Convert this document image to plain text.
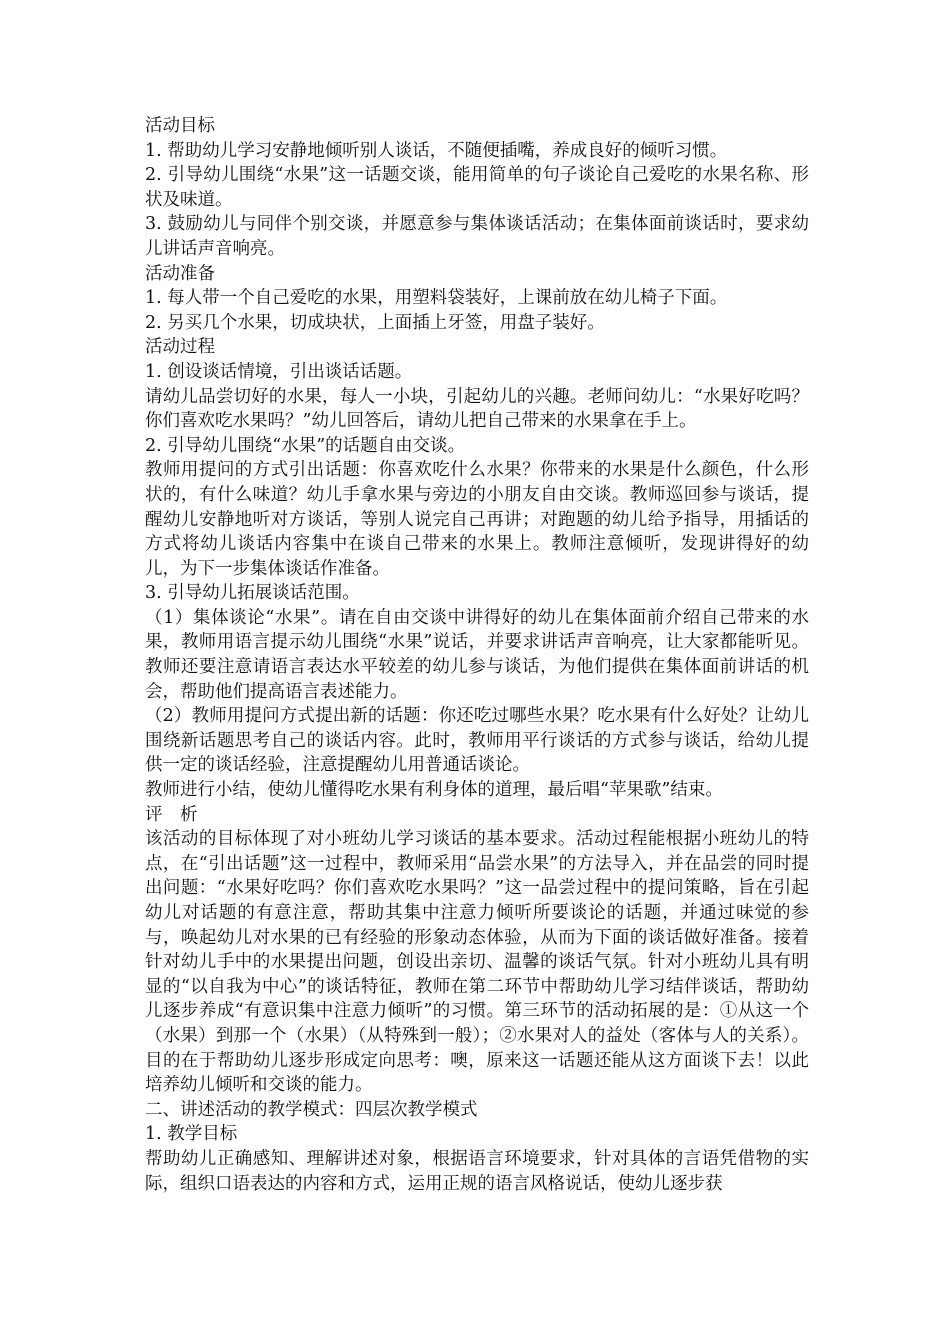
活动目标

1. 帮助幼儿学习安静地倾听别人谈话，不随便插嘴，养成良好的倾听习惯。

2. 引导幼儿围绕“水果”这一话题交谈，能用简单的句子谈论自己爱吃的水果名称、形状及味道。

3. 鼓励幼儿与同伴个别交谈，并愿意参与集体谈话活动；在集体面前谈话时，要求幼儿讲话声音响亮。

活动准备

1. 每人带一个自己爱吃的水果，用塑料袋装好，上课前放在幼儿椅子下面。

2. 另买几个水果，切成块状，上面插上牙签，用盘子装好。

活动过程

1. 创设谈话情境，引出谈话话题。

请幼儿品尝切好的水果，每人一小块，引起幼儿的兴趣。老师问幼儿：“水果好吃吗？你们喜欢吃水果吗？”幼儿回答后，请幼儿把自己带来的水果拿在手上。

2. 引导幼儿围绕“水果”的话题自由交谈。

教师用提问的方式引出话题：你喜欢吃什么水果？你带来的水果是什么颜色，什么形状的，有什么味道？幼儿手拿水果与旁边的小朋友自由交谈。教师巡回参与谈话，提醒幼儿安静地听对方谈话，等别人说完自己再讲；对跑题的幼儿给予指导，用插话的方式将幼儿谈话内容集中在谈自己带来的水果上。教师注意倾听，发现讲得好的幼儿，为下一步集体谈话作准备。

3. 引导幼儿拓展谈话范围。

（1）集体谈论“水果”。请在自由交谈中讲得好的幼儿在集体面前介绍自己带来的水果，教师用语言提示幼儿围绕“水果”说话，并要求讲话声音响亮，让大家都能听见。教师还要注意请语言表达水平较差的幼儿参与谈话，为他们提供在集体面前讲话的机会，帮助他们提高语言表述能力。

（2）教师用提问方式提出新的话题：你还吃过哪些水果？吃水果有什么好处？让幼儿围绕新话题思考自己的谈话内容。此时，教师用平行谈话的方式参与谈话，给幼儿提供一定的谈话经验，注意提醒幼儿用普通话谈论。

教师进行小结，使幼儿懂得吃水果有利身体的道理，最后唱“苹果歌”结束。

评　析

该活动的目标体现了对小班幼儿学习谈话的基本要求。活动过程能根据小班幼儿的特点，在“引出话题”这一过程中，教师采用“品尝水果”的方法导入，并在品尝的同时提出问题：“水果好吃吗？你们喜欢吃水果吗？”这一品尝过程中的提问策略，旨在引起幼儿对话题的有意注意，帮助其集中注意力倾听所要谈论的话题，并通过味觉的参与，唤起幼儿对水果的已有经验的形象动态体验，从而为下面的谈话做好准备。接着针对幼儿手中的水果提出问题，创设出亲切、温馨的谈话气氛。针对小班幼儿具有明显的“以自我为中心”的谈话特征，教师在第二环节中帮助幼儿学习结伴谈话，帮助幼儿逐步养成“有意识集中注意力倾听”的习惯。第三环节的活动拓展的是：①从这一个（水果）到那一个（水果）（从特殊到一般）；②水果对人的益处（客体与人的关系）。目的在于帮助幼儿逐步形成定向思考：噢，原来这一话题还能从这方面谈下去！以此培养幼儿倾听和交谈的能力。

二、讲述活动的教学模式：四层次教学模式

1. 教学目标

帮助幼儿正确感知、理解讲述对象，根据语言环境要求，针对具体的言语凭借物的实际，组织口语表达的内容和方式，运用正规的语言风格说话，使幼儿逐步获
